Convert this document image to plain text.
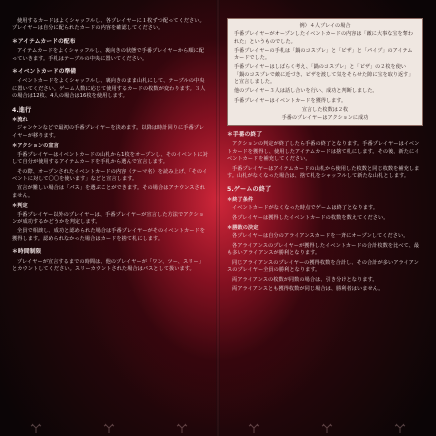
使用するカードはよくシャッフルし、各プレイヤーに１枚ずつ配ってください。プレイヤーは自分に配られたカードの内容を確認してください。

＊アイテムカードの配布

アイテムカードをよくシャッフルし、裏向きの状態で手番プレイヤーから順に配っていきます。手札はテーブルの中央に置いてください。

＊イベントカードの準備

イベントカードをよくシャッフルし、裏向きのまま山札にして、テーブルの中央に置いてください。ゲーム人数に応じて使用するカードの枚数が変わります。３人の場合は12枚、4人の場合は16枚を使用します。

4.進行
＊流れ

ジャンケンなどで最初の手番プレイヤーを決めます。以降は時計回りに手番プレイヤーが移ります。

＊アクションの宣言

手番プレイヤーはイベントカードの山札から1枚をオープンし、そのイベントに対して自分が使用するアイテムカードを手札から選んで宣言します。

その際、オープンされたイベントカードの内容（テーマ名）を読み上げ、「そのイベントに対して〇〇を使います」などと宣言します。

宣言が難しい場合は「パス」を選ぶことができます。その場合はアナウンスされません。

＊判定

手番プレイヤー以外のプレイヤーは、手番プレイヤーが宣言した方法でアクションが成功するかどうかを判定します。

全員で相談し、成功と認められた場合は手番プレイヤーがそのイベントカードを獲得します。認められなかった場合はカードを捨て札にします。

＊時間制限

プレイヤーが宣言するまでの時間は、他のプレイヤーが「ワン、ツー、スリー」とカウントしてください。スリーカウントされた場合はパスとして扱います。

例）４人プレイの場合

手番プレイヤーがオープンしたイベントカードの内容は「敵に大事な宝を奪われた」というものでした。

手番プレイヤーの手札は「鍋のコスプレ」と「ピザ」と「パイプ」のアイテムカードでした。

手番プレイヤーはしばらく考え、「鍋のコスプレ」と「ピザ」の２枚を使い「鍋のコスプレで敵に近づき、ピザを渡して気をそらせた隙に宝を取り返す」と宣言しました。

他のプレイヤー３人は話し合いを行い、成功と判断しました。

手番プレイヤーはイベントカードを獲得します。

宣言した枚数は２枚
手番のプレイヤーはアクションに成功
＊手番の終了

アクションの判定が終了したら手番の終了となります。手番プレイヤーはイベントカードを獲得し、使用したアイテムカードは捨て札にします。その後、新たにイベントカードを補充してください。

手番プレイヤーはアイテムカードの山札から使用した枚数と同じ枚数を補充します。山札がなくなった場合は、捨て札をシャッフルして新たな山札とします。

5.ゲームの終了
＊終了条件

イベントカードがなくなった時点でゲームは終了となります。

各プレイヤーは獲得したイベントカードの枚数を数えてください。

＊勝敗の決定

各プレイヤーは自分のアライアンスカードを一斉にオープンしてください。

各アライアンスのプレイヤーが獲得したイベントカードの合計枚数を比べて、最も多いアライアンスが勝利となります。

同じアライアンスのプレイヤーの獲得枚数を合計し、その合計が多いアライアンスのプレイヤー全員の勝利となります。

両アライアンスの枚数が同数の場合は、引き分けとなります。

両アライアンスとも獲得枚数が同じ場合は、勝利者はいません。
